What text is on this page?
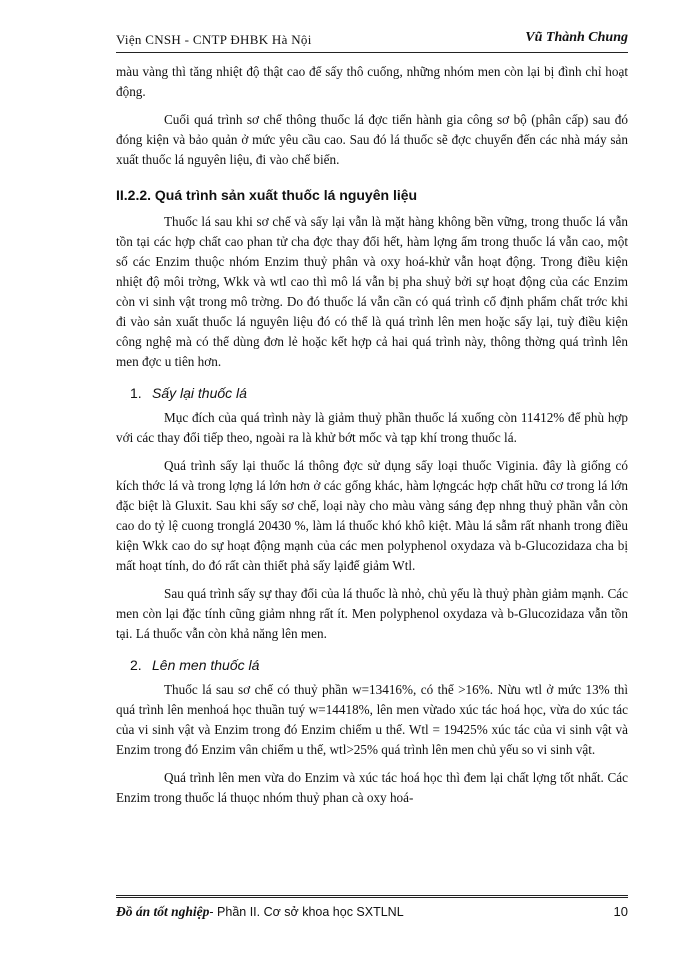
Viện CNSH - CNTP ĐHBK Hà Nội	Vũ Thành Chung

màu vàng thì tăng nhiệt độ thật cao để sấy thô cuống, những nhóm men còn lại bị đình chỉ hoạt động.

Cuối quá trình sơ chế thông thuốc lá đợc tiến hành gia công sơ bộ (phân cấp) sau đó đóng kiện và bảo quản ở mức yêu cầu cao. Sau đó lá thuốc sẽ đợc chuyển đến các nhà máy sản xuất thuốc lá nguyên liệu, đi vào chế biến.

II.2.2. Quá trình sản xuất thuốc lá nguyên liệu

Thuốc lá sau khi sơ chế và sấy lại vẫn là mặt hàng không bền vững, trong thuốc lá vẫn tồn tại các hợp chất cao phan tử cha đợc thay đổi hết, hàm lợng ẩm trong thuốc lá vẫn cao, một số các Enzim thuộc nhóm Enzim thuỷ phân và oxy hoá-khử vẫn hoạt động. Trong điều kiện nhiệt độ môi trờng, Wkk và wtl cao thì mô lá vẫn bị pha shuỷ bởi sự hoạt động của các Enzim còn vi sinh vật trong mô trờng. Do đó thuốc lá vẫn cần có quá trình cố định phẩm chất trớc khi đi vào sản xuất thuốc lá nguyên liệu đó có thể là quá trình lên men hoặc sấy lại, tuỳ điều kiện công nghệ mà có thể dùng đơn lẻ hoặc kết hợp cả hai quá trình này, thông thờng quá trình lên men đợc u tiên hơn.

1. Sấy lại thuốc lá

Mục đích của quá trình này là giảm thuỷ phần thuốc lá xuống còn 11412% để phù hợp với các thay đổi tiếp theo, ngoài ra là khử bớt mốc và tạp khí trong thuốc lá.

Quá trình sấy lại thuốc lá thông đợc sử dụng sấy loại thuốc Viginia. đây là giống có kích thớc lá và trong lợng lá lớn hơn ở các gống khác, hàm lợngcác hợp chất hữu cơ trong lá lớn đặc biệt là Gluxit. Sau khi sấy sơ chế, loại này cho màu vàng sáng đẹp nhng thuỷ phần vẫn còn cao do tỷ lệ cuong tronglá 20430 %, làm lá thuốc khó khô kiệt. Màu lá sẫm rất nhanh trong điều kiện Wkk cao do sự hoạt động mạnh của các men polyphenol oxydaza và b-Glucozidaza cha bị mất hoạt tính, do đó rất càn thiết phả sấy lạiđể giảm Wtl.

Sau quá trình sấy sự thay đổi của lá thuốc là nhỏ, chủ yếu là thuỷ phàn giảm mạnh. Các men còn lại đặc tính cũng giảm nhng rất ít. Men polyphenol oxydaza và b-Glucozidaza vẫn tồn tại. Lá thuốc vẫn còn khả năng lên men.

2. Lên men thuốc lá

Thuốc lá sau sơ chế có thuỷ phần w=13416%, có thể >16%. Nừu wtl ở mức 13% thì quá trình lên menhoá học thuần tuý w=14418%, lên men vừado xúc tác hoá học, vừa do xúc tác của vi sinh vật và Enzim trong đó Enzim chiếm u thế. Wtl = 19425% xúc tác của vi sinh vật và Enzim trong đó Enzim vân chiếm u thế, wtl>25% quá trình lên men chủ yếu so vi sinh vật.

Quá trình lên men vừa do Enzim và xúc tác hoá học thì đem lại chất lợng tốt nhất. Các Enzim trong thuốc lá thuọc nhóm thuỷ phan cà oxy hoá-

Đồ án tốt nghiệp- Phần II. Cơ sở khoa học SXTLNL	10
